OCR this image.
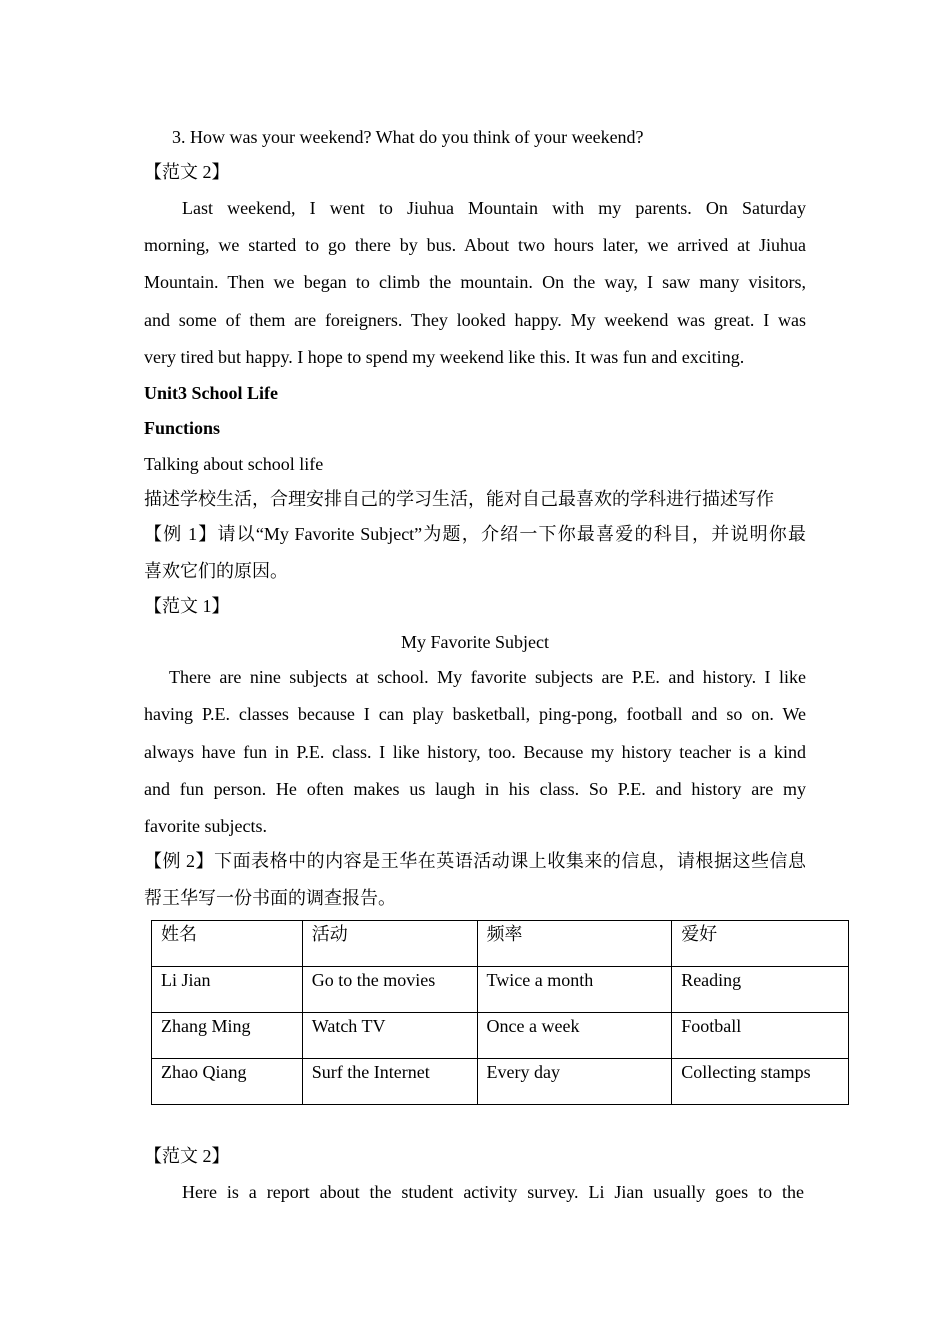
3. How was your weekend? What do you think of your weekend?
【范文 2】
Last weekend, I went to Jiuhua Mountain with my parents. On Saturday
morning, we started to go there by bus. About two hours later, we arrived at Jiuhua
Mountain. Then we began to climb the mountain. On the way, I saw many visitors,
and some of them are foreigners. They looked happy. My weekend was great. I was
very tired but happy. I hope to spend my weekend like this. It was fun and exciting.
Unit3 School Life
Functions
Talking about school life
描述学校生活，合理安排自己的学习生活，能对自己最喜欢的学科进行描述写作
【例 1】请以“My Favorite Subject”为题，介绍一下你最喜爱的科目，并说明你最
喜欢它们的原因。
【范文 1】
My Favorite Subject
There are nine subjects at school. My favorite subjects are P.E. and history. I like
having P.E. classes because I can play basketball, ping-pong, football and so on. We
always have fun in P.E. class. I like history, too. Because my history teacher is a kind
and fun person. He often makes us laugh in his class. So P.E. and history are my
favorite subjects.
【例 2】下面表格中的内容是王华在英语活动课上收集来的信息，请根据这些信息
帮王华写一份书面的调查报告。
姓名	活动	频率	爱好
Li Jian	Go to the movies	Twice a month	Reading
Zhang Ming	Watch TV	Once a week	Football
Zhao Qiang	Surf the Internet	Every day	Collecting stamps
【范文 2】
Here is a report about the student activity survey. Li Jian usually goes to the
